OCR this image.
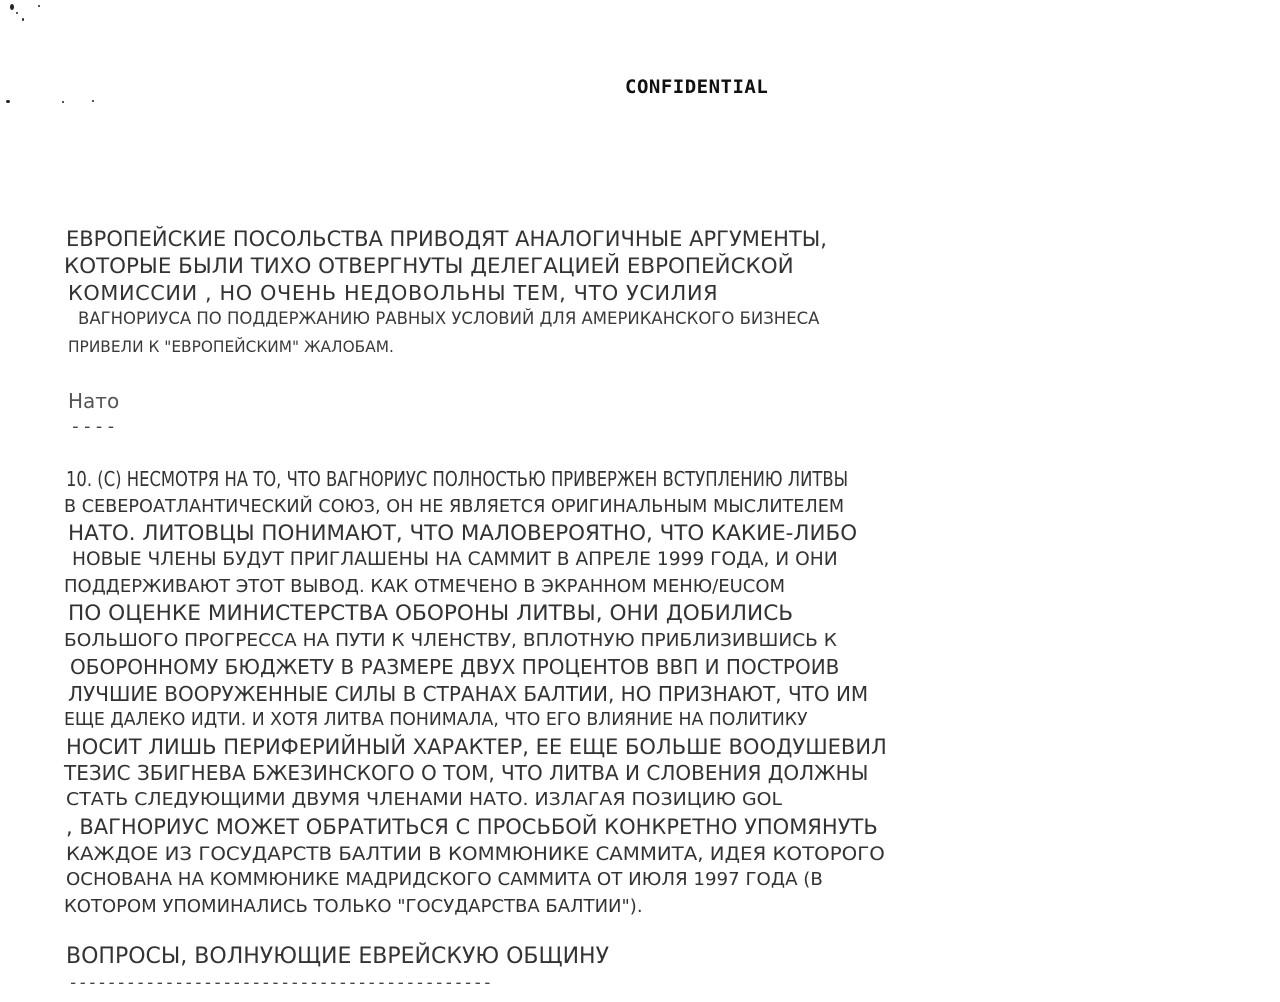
CONFIDENTIAL
ЕВРОПЕЙСКИЕ ПОСОЛЬСТВА ПРИВОДЯТ АНАЛОГИЧНЫЕ АРГУМЕНТЫ,
КОТОРЫЕ БЫЛИ ТИХО ОТВЕРГНУТЫ ДЕЛЕГАЦИЕЙ ЕВРОПЕЙСКОЙ
КОМИССИИ , НО ОЧЕНЬ НЕДОВОЛЬНЫ ТЕМ, ЧТО УСИЛИЯ
ВАГНОРИУСА ПО ПОДДЕРЖАНИЮ РАВНЫХ УСЛОВИЙ ДЛЯ АМЕРИКАНСКОГО БИЗНЕСА
ПРИВЕЛИ К "ЕВРОПЕЙСКИМ" ЖАЛОБАМ.
Нато
----
10. (C) НЕСМОТРЯ НА ТО, ЧТО ВАГНОРИУС ПОЛНОСТЬЮ ПРИВЕРЖЕН ВСТУПЛЕНИЮ ЛИТВЫ
В СЕВЕРОАТЛАНТИЧЕСКИЙ СОЮЗ, ОН НЕ ЯВЛЯЕТСЯ ОРИГИНАЛЬНЫМ МЫСЛИТЕЛЕМ
НАТО. ЛИТОВЦЫ ПОНИМАЮТ, ЧТО МАЛОВЕРОЯТНО, ЧТО КАКИЕ-ЛИБО
НОВЫЕ ЧЛЕНЫ БУДУТ ПРИГЛАШЕНЫ НА САММИТ В АПРЕЛЕ 1999 ГОДА, И ОНИ
ПОДДЕРЖИВАЮТ ЭТОТ ВЫВОД. КАК ОТМЕЧЕНО В ЭКРАННОМ МЕНЮ/EUCOM
ПО ОЦЕНКЕ МИНИСТЕРСТВА ОБОРОНЫ ЛИТВЫ, ОНИ ДОБИЛИСЬ
БОЛЬШОГО ПРОГРЕССА НА ПУТИ К ЧЛЕНСТВУ, ВПЛОТНУЮ ПРИБЛИЗИВШИСЬ К
ОБОРОННОМУ БЮДЖЕТУ В РАЗМЕРЕ ДВУХ ПРОЦЕНТОВ ВВП И ПОСТРОИВ
ЛУЧШИЕ ВООРУЖЕННЫЕ СИЛЫ В СТРАНАХ БАЛТИИ, НО ПРИЗНАЮТ, ЧТО ИМ
ЕЩЕ ДАЛЕКО ИДТИ. И ХОТЯ ЛИТВА ПОНИМАЛА, ЧТО ЕГО ВЛИЯНИЕ НА ПОЛИТИКУ
НОСИТ ЛИШЬ ПЕРИФЕРИЙНЫЙ ХАРАКТЕР, ЕЕ ЕЩЕ БОЛЬШЕ ВООДУШЕВИЛ
ТЕЗИС ЗБИГНЕВА БЖЕЗИНСКОГО О ТОМ, ЧТО ЛИТВА И СЛОВЕНИЯ ДОЛЖНЫ
СТАТЬ СЛЕДУЮЩИМИ ДВУМЯ ЧЛЕНАМИ НАТО. ИЗЛАГАЯ ПОЗИЦИЮ GOL
, ВАГНОРИУС МОЖЕТ ОБРАТИТЬСЯ С ПРОСЬБОЙ КОНКРЕТНО УПОМЯНУТЬ
КАЖДОЕ ИЗ ГОСУДАРСТВ БАЛТИИ В КОММЮНИКЕ САММИТА, ИДЕЯ КОТОРОГО
ОСНОВАНА НА КОММЮНИКЕ МАДРИДСКОГО САММИТА ОТ ИЮЛЯ 1997 ГОДА (В
КОТОРОМ УПОМИНАЛИСЬ ТОЛЬКО "ГОСУДАРСТВА БАЛТИИ").
ВОПРОСЫ, ВОЛНУЮЩИЕ ЕВРЕЙСКУЮ ОБЩИНУ
--------------------------------------------
